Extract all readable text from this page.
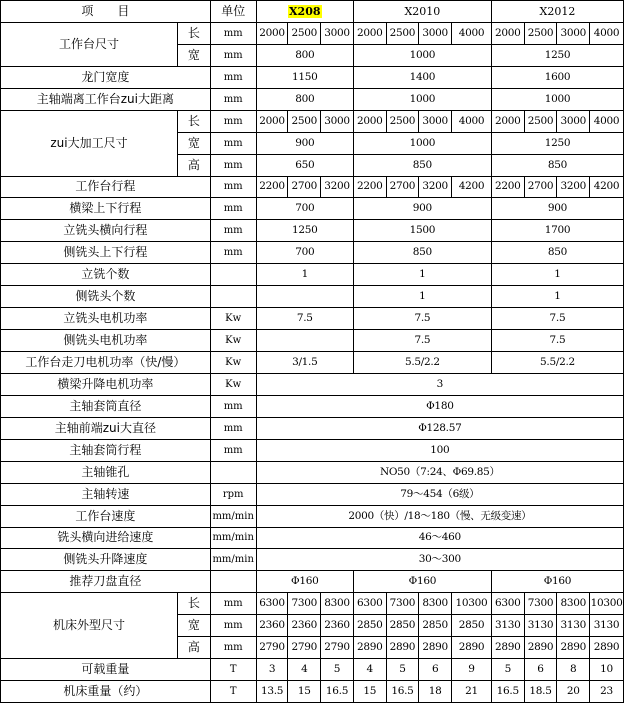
项　　目		单位	X208			X2010				X2012			
工作台尺寸	长	mm	2000	2500	3000	2000	2500	3000	4000	2000	2500	3000	4000
	宽	mm	800			1000				1250			
龙门宽度		mm	1150			1400				1600			
主轴端离工作台zui大距离		mm	800			1000				1000			
zui大加工尺寸	长	mm	2000	2500	3000	2000	2500	3000	4000	2000	2500	3000	4000
	宽	mm	900			1000				1250			
	高	mm	650			850				850			
工作台行程		mm	2200	2700	3200	2200	2700	3200	4200	2200	2700	3200	4200
横梁上下行程		mm	700			900				900			
立铣头横向行程		mm	1250			1500				1700			
侧铣头上下行程		mm	700			850				850			
立铣个数			1			1				1			
侧铣头个数						1				1			
立铣头电机功率		Kw	7.5			7.5				7.5			
侧铣头电机功率		Kw				7.5				7.5			
工作台走刀电机功率（快/慢）		Kw	3/1.5			5.5/2.2				5.5/2.2			
横梁升降电机功率		Kw	3										
主轴套筒直径		mm	Φ180										
主轴前端zui大直径		mm	Φ128.57										
主轴套筒行程		mm	100										
主轴锥孔			NO50（7:24、Φ69.85）										
主轴转速		rpm	79～454（6级）										
工作台速度		mm/min	2000（快）/18～180（慢、无级变速）										
铣头横向进给速度		mm/min	46～460										
侧铣头升降速度		mm/min	30～300										
推荐刀盘直径			Φ160			Φ160				Φ160			
机床外型尺寸	长	mm	6300	7300	8300	6300	7300	8300	10300	6300	7300	8300	10300
	宽	mm	2360	2360	2360	2850	2850	2850	2850	3130	3130	3130	3130
	高	mm	2790	2790	2790	2890	2890	2890	2890	2890	2890	2890	2890
可载重量		T	3	4	5	4	5	6	9	5	6	8	10
机床重量（约）		T	13.5	15	16.5	15	16.5	18	21	16.5	18.5	20	23
